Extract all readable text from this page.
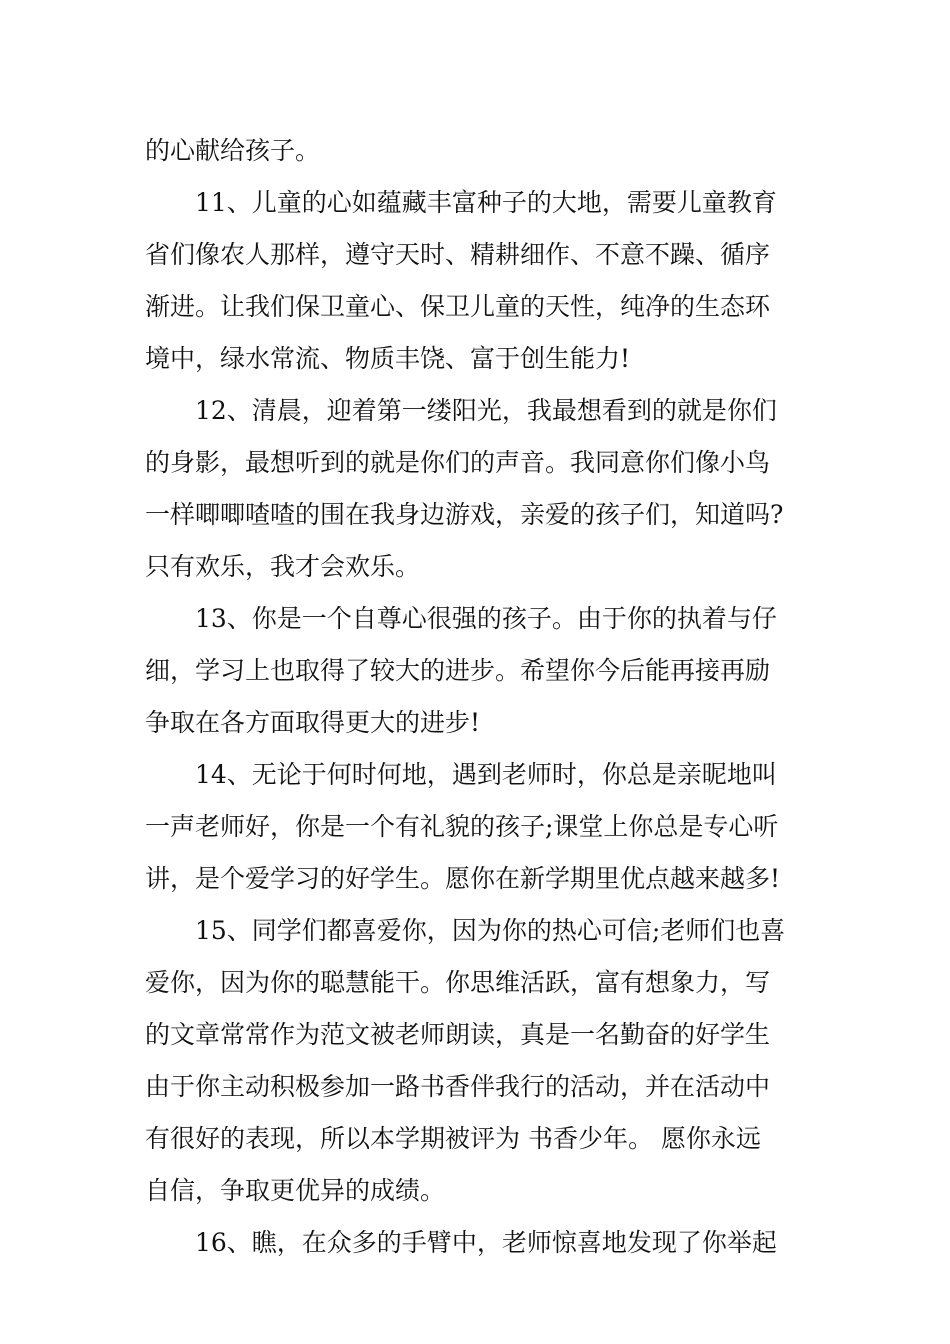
的心献给孩子。
　　11、儿童的心如蕴藏丰富种子的大地，需要儿童教育
省们像农人那样，遵守天时、精耕细作、不意不躁、循序
渐进。让我们保卫童心、保卫儿童的天性，纯净的生态环
境中，绿水常流、物质丰饶、富于创生能力!
　　12、清晨，迎着第一缕阳光，我最想看到的就是你们
的身影，最想听到的就是你们的声音。我同意你们像小鸟
一样唧唧喳喳的围在我身边游戏，亲爱的孩子们，知道吗?
只有欢乐，我才会欢乐。
　　13、你是一个自尊心很强的孩子。由于你的执着与仔
细，学习上也取得了较大的进步。希望你今后能再接再励
争取在各方面取得更大的进步!
　　14、无论于何时何地，遇到老师时，你总是亲昵地叫
一声老师好，你是一个有礼貌的孩子;课堂上你总是专心听
讲，是个爱学习的好学生。愿你在新学期里优点越来越多!
　　15、同学们都喜爱你，因为你的热心可信;老师们也喜
爱你，因为你的聪慧能干。你思维活跃，富有想象力，写
的文章常常作为范文被老师朗读，真是一名勤奋的好学生
由于你主动积极参加一路书香伴我行的活动，并在活动中
有很好的表现，所以本学期被评为 书香少年。 愿你永远
自信，争取更优异的成绩。
　　16、瞧，在众多的手臂中，老师惊喜地发现了你举起
